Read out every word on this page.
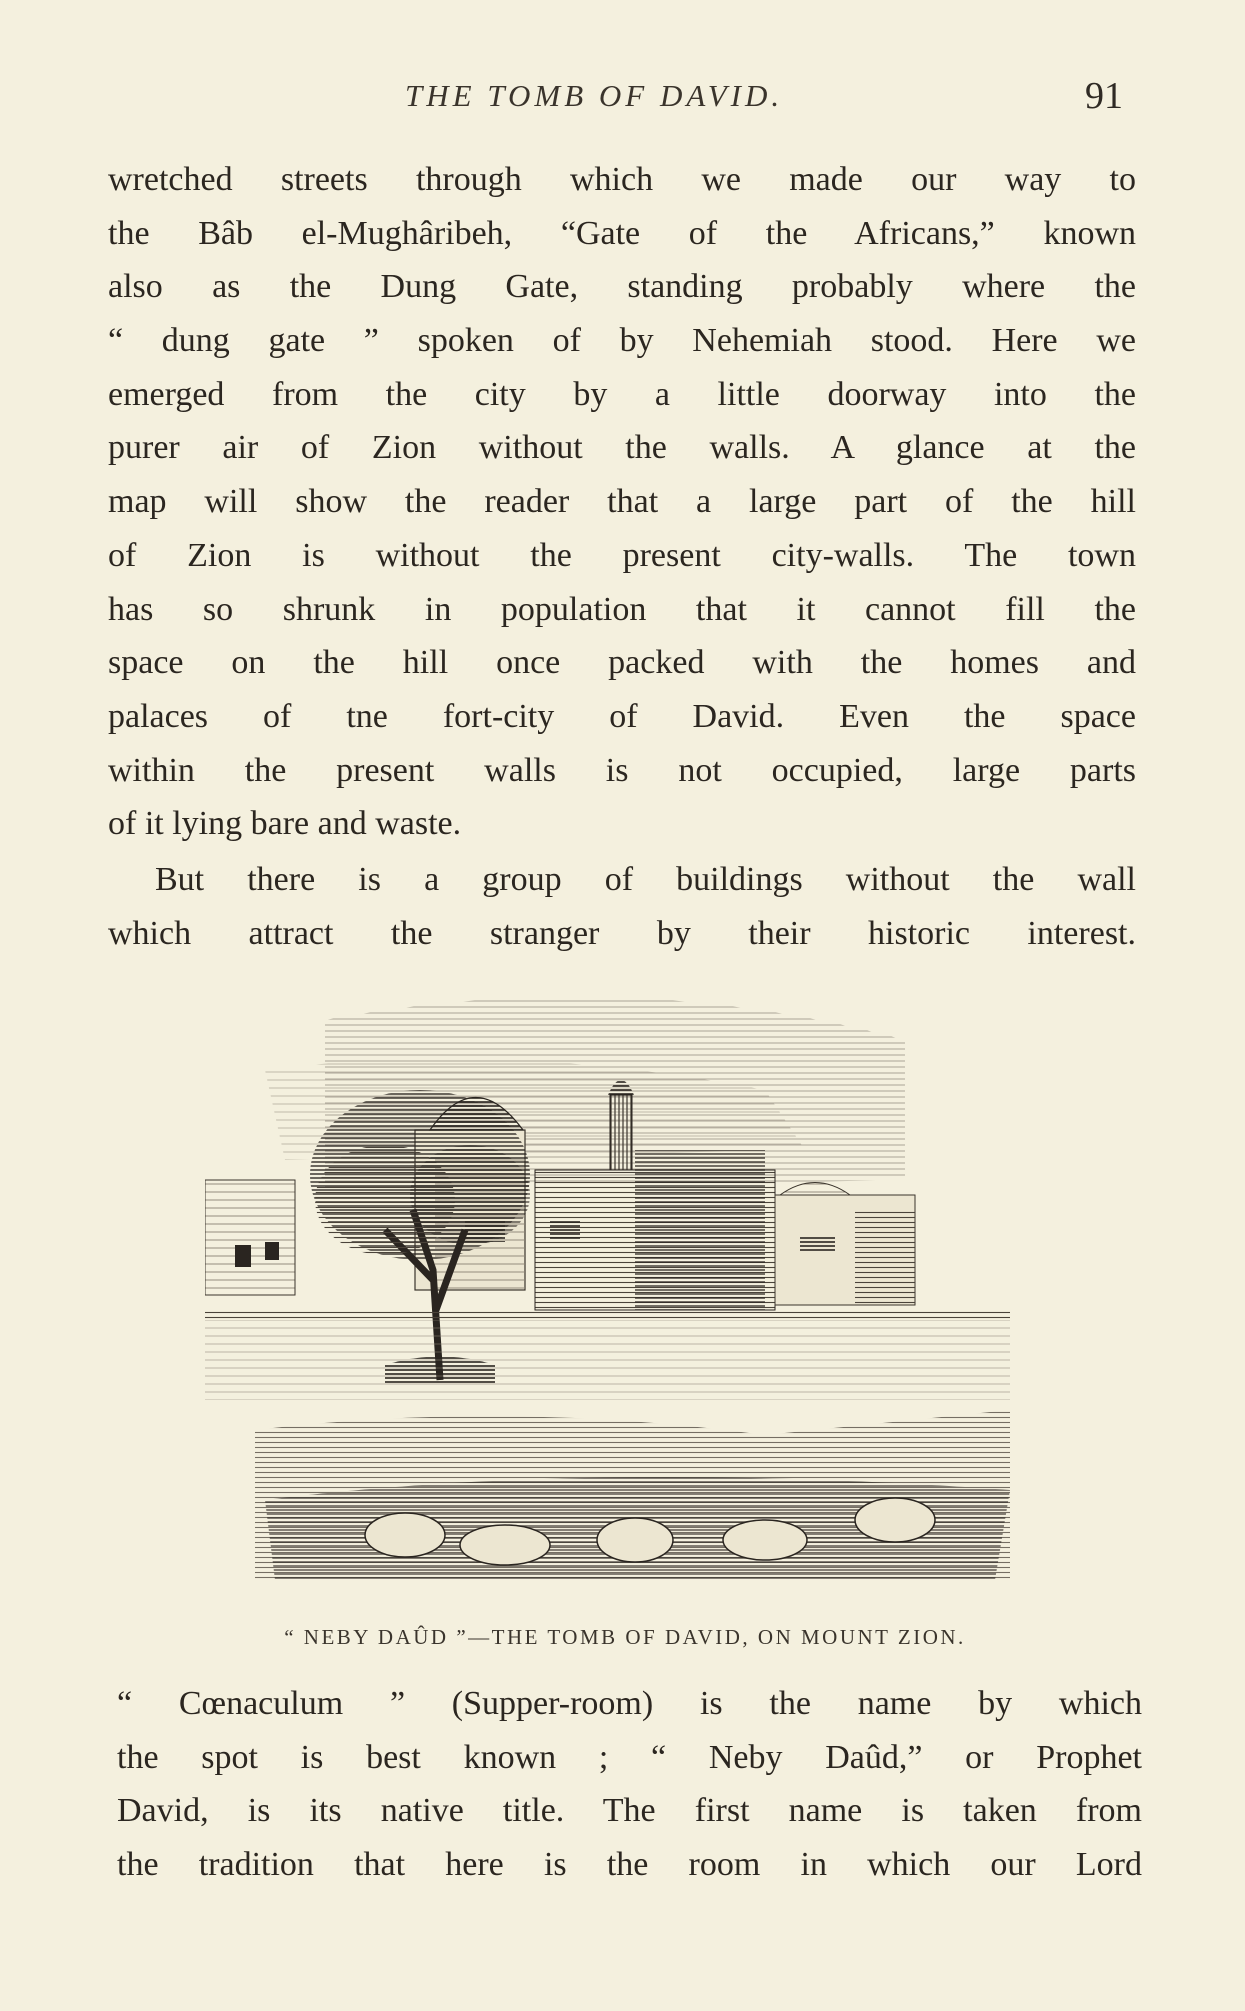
THE TOMB OF DAVID.	91
wretched streets through which we made our way to
the Bâb el-Mughâribeh, “Gate of the Africans,” known
also as the Dung Gate, standing probably where the
“ dung gate ” spoken of by Nehemiah stood. Here we
emerged from the city by a little doorway into the
purer air of Zion without the walls. A glance at the
map will show the reader that a large part of the hill
of Zion is without the present city-walls. The town
has so shrunk in population that it cannot fill the
space on the hill once packed with the homes and
palaces of tne fort-city of David. Even the space
within the present walls is not occupied, large parts
of it lying bare and waste.
But there is a group of buildings without the wall
which attract the stranger by their historic interest.
“ NEBY DAÛD ”—THE TOMB OF DAVID, ON MOUNT ZION.
“ Cœnaculum ” (Supper-room) is the name by which
the spot is best known ; “ Neby Daûd,” or Prophet
David, is its native title. The first name is taken from
the tradition that here is the room in which our Lord
